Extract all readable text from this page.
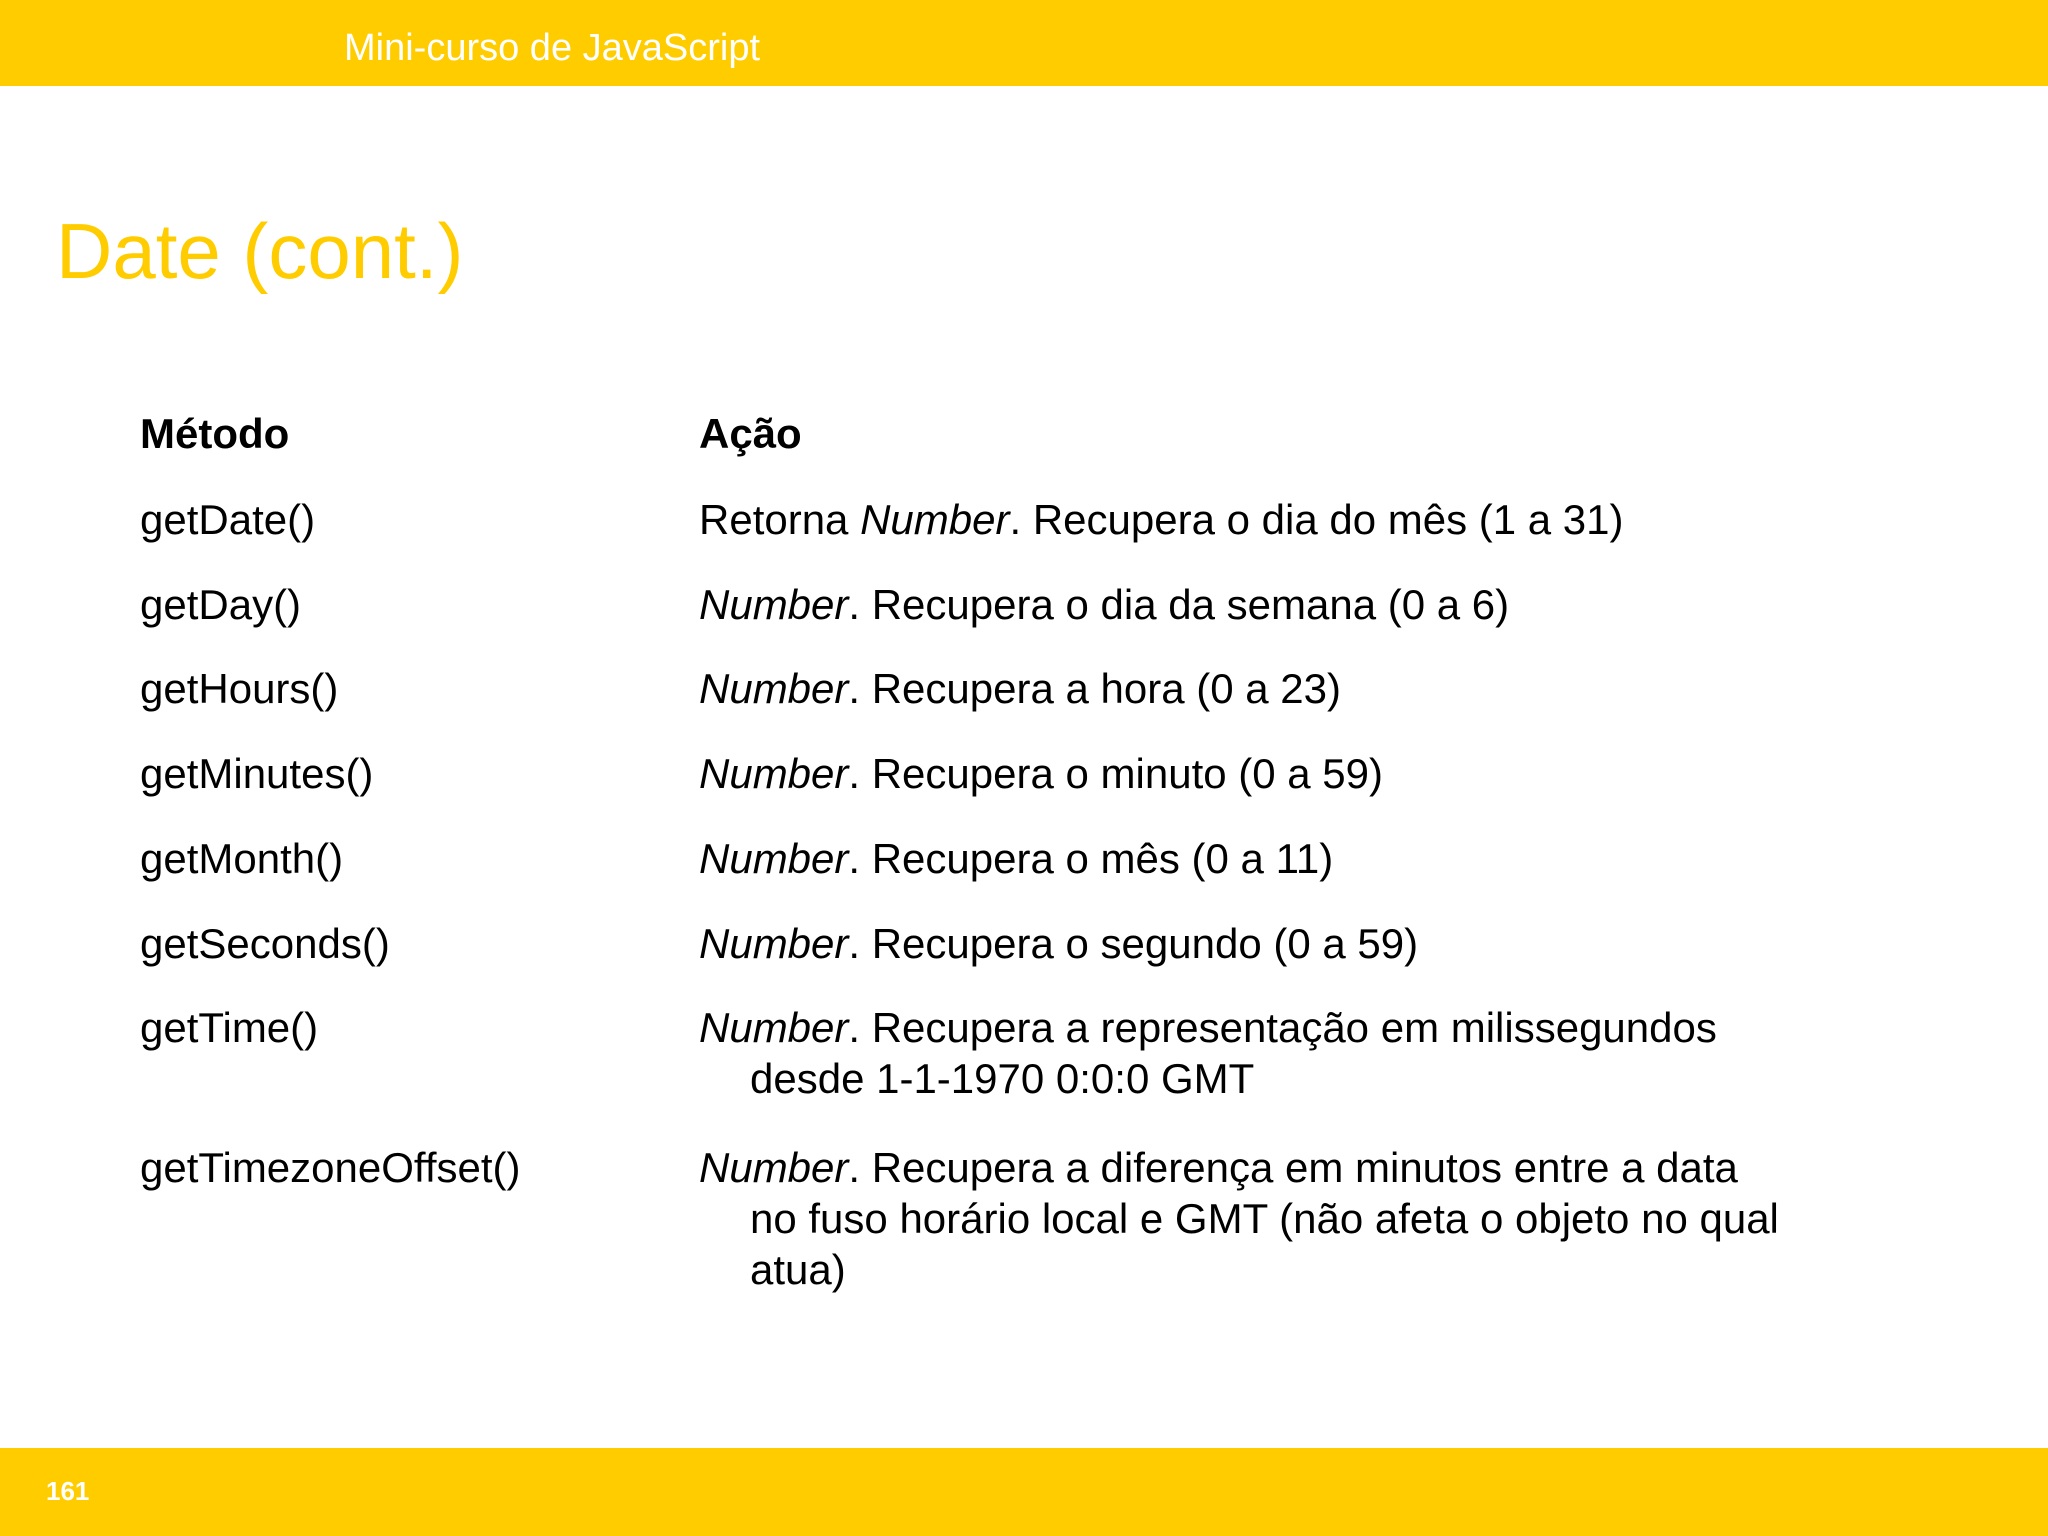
Mini-curso de JavaScript
Date (cont.)
Método	Ação
getDate()	Retorna Number. Recupera o dia do mês (1 a 31)
getDay()	Number. Recupera o dia da semana (0 a 6)
getHours()	Number. Recupera a hora (0 a 23)
getMinutes()	Number. Recupera o minuto (0 a 59)
getMonth()	Number. Recupera o mês (0 a 11)
getSeconds()	Number. Recupera o segundo (0 a 59)
getTime()	Number. Recupera a representação em milissegundos
desde 1-1-1970 0:0:0 GMT
getTimezoneOffset()	Number. Recupera a diferença em minutos entre a data
no fuso horário local e GMT (não afeta o objeto no qual
atua)
161
